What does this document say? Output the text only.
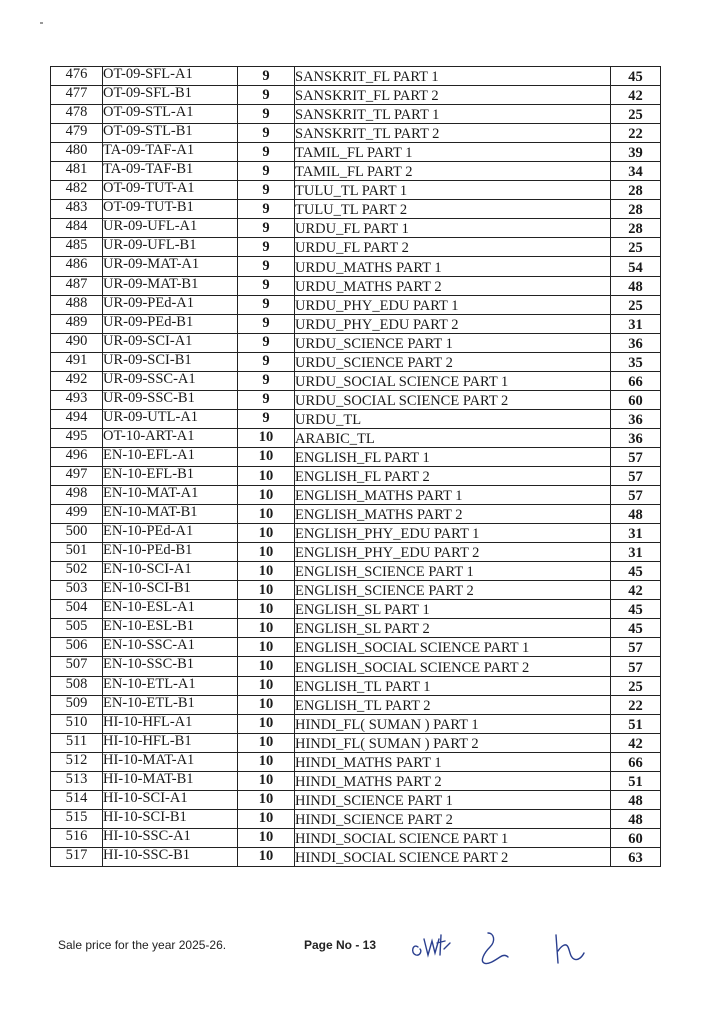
476	OT-09-SFL-A1	9	SANSKRIT_FL PART 1	45
477	OT-09-SFL-B1	9	SANSKRIT_FL PART 2	42
478	OT-09-STL-A1	9	SANSKRIT_TL PART 1	25
479	OT-09-STL-B1	9	SANSKRIT_TL PART 2	22
480	TA-09-TAF-A1	9	TAMIL_FL PART 1	39
481	TA-09-TAF-B1	9	TAMIL_FL PART 2	34
482	OT-09-TUT-A1	9	TULU_TL PART 1	28
483	OT-09-TUT-B1	9	TULU_TL PART 2	28
484	UR-09-UFL-A1	9	URDU_FL PART 1	28
485	UR-09-UFL-B1	9	URDU_FL PART 2	25
486	UR-09-MAT-A1	9	URDU_MATHS PART 1	54
487	UR-09-MAT-B1	9	URDU_MATHS PART 2	48
488	UR-09-PEd-A1	9	URDU_PHY_EDU PART 1	25
489	UR-09-PEd-B1	9	URDU_PHY_EDU PART 2	31
490	UR-09-SCI-A1	9	URDU_SCIENCE PART 1	36
491	UR-09-SCI-B1	9	URDU_SCIENCE PART 2	35
492	UR-09-SSC-A1	9	URDU_SOCIAL SCIENCE PART 1	66
493	UR-09-SSC-B1	9	URDU_SOCIAL SCIENCE PART 2	60
494	UR-09-UTL-A1	9	URDU_TL	36
495	OT-10-ART-A1	10	ARABIC_TL	36
496	EN-10-EFL-A1	10	ENGLISH_FL PART 1	57
497	EN-10-EFL-B1	10	ENGLISH_FL PART 2	57
498	EN-10-MAT-A1	10	ENGLISH_MATHS PART 1	57
499	EN-10-MAT-B1	10	ENGLISH_MATHS PART 2	48
500	EN-10-PEd-A1	10	ENGLISH_PHY_EDU PART 1	31
501	EN-10-PEd-B1	10	ENGLISH_PHY_EDU PART 2	31
502	EN-10-SCI-A1	10	ENGLISH_SCIENCE PART 1	45
503	EN-10-SCI-B1	10	ENGLISH_SCIENCE PART 2	42
504	EN-10-ESL-A1	10	ENGLISH_SL PART 1	45
505	EN-10-ESL-B1	10	ENGLISH_SL PART 2	45
506	EN-10-SSC-A1	10	ENGLISH_SOCIAL SCIENCE PART 1	57
507	EN-10-SSC-B1	10	ENGLISH_SOCIAL SCIENCE PART 2	57
508	EN-10-ETL-A1	10	ENGLISH_TL PART 1	25
509	EN-10-ETL-B1	10	ENGLISH_TL PART 2	22
510	HI-10-HFL-A1	10	HINDI_FL( SUMAN ) PART 1	51
511	HI-10-HFL-B1	10	HINDI_FL( SUMAN ) PART 2	42
512	HI-10-MAT-A1	10	HINDI_MATHS PART 1	66
513	HI-10-MAT-B1	10	HINDI_MATHS PART 2	51
514	HI-10-SCI-A1	10	HINDI_SCIENCE PART 1	48
515	HI-10-SCI-B1	10	HINDI_SCIENCE PART 2	48
516	HI-10-SSC-A1	10	HINDI_SOCIAL SCIENCE PART 1	60
517	HI-10-SSC-B1	10	HINDI_SOCIAL SCIENCE PART 2	63
Sale price for the year 2025-26.	Page No - 13
